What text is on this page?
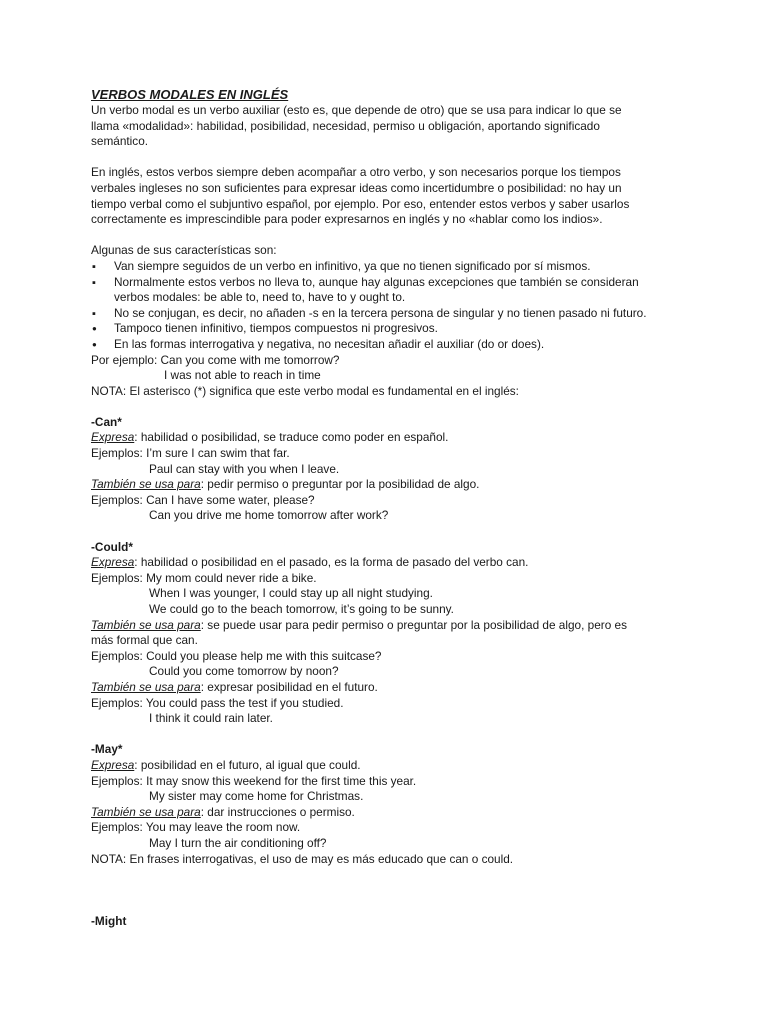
VERBOS MODALES EN INGLÉS

Un verbo modal es un verbo auxiliar (esto es, que depende de otro) que se usa para indicar lo que se

llama «modalidad»: habilidad, posibilidad, necesidad, permiso u obligación, aportando significado

semántico.

En inglés, estos verbos siempre deben acompañar a otro verbo, y son necesarios porque los tiempos

verbales ingleses no son suficientes para expresar ideas como incertidumbre o posibilidad: no hay un

tiempo verbal como el subjuntivo español, por ejemplo. Por eso, entender estos verbos y saber usarlos

correctamente es imprescindible para poder expresarnos en inglés y no «hablar como los indios».

Algunas de sus características son:

▪
Van siempre seguidos de un verbo en infinitivo, ya que no tienen significado por sí mismos.
▪
Normalmente estos verbos no lleva to, aunque hay algunas excepciones que también se consideran
verbos modales: be able to, need to, have to y ought to.
▪
No se conjugan, es decir, no añaden -s en la tercera persona de singular y no tienen pasado ni futuro.
●
Tampoco tienen infinitivo, tiempos compuestos ni progresivos.
●
En las formas interrogativa y negativa, no necesitan añadir el auxiliar (do or does).

Por ejemplo: Can you come with me tomorrow?

I was not able to reach in time

NOTA: El asterisco (*) significa que este verbo modal es fundamental en el inglés:

-Can*

Expresa: habilidad o posibilidad, se traduce como poder en español.

Ejemplos: I’m sure I can swim that far.

Paul can stay with you when I leave.

También se usa para: pedir permiso o preguntar por la posibilidad de algo.

Ejemplos: Can I have some water, please?

Can you drive me home tomorrow after work?

-Could*

Expresa: habilidad o posibilidad en el pasado, es la forma de pasado del verbo can.

Ejemplos: My mom could never ride a bike.

When I was younger, I could stay up all night studying.

We could go to the beach tomorrow, it’s going to be sunny.

También se usa para: se puede usar para pedir permiso o preguntar por la posibilidad de algo, pero es

más formal que can.

Ejemplos: Could you please help me with this suitcase?

Could you come tomorrow by noon?

También se usa para: expresar posibilidad en el futuro.

Ejemplos: You could pass the test if you studied.

I think it could rain later.

-May*

Expresa: posibilidad en el futuro, al igual que could.

Ejemplos: It may snow this weekend for the first time this year.

My sister may come home for Christmas.

También se usa para: dar instrucciones o permiso.

Ejemplos: You may leave the room now.

May I turn the air conditioning off?

NOTA: En frases interrogativas, el uso de may es más educado que can o could.

-Might
